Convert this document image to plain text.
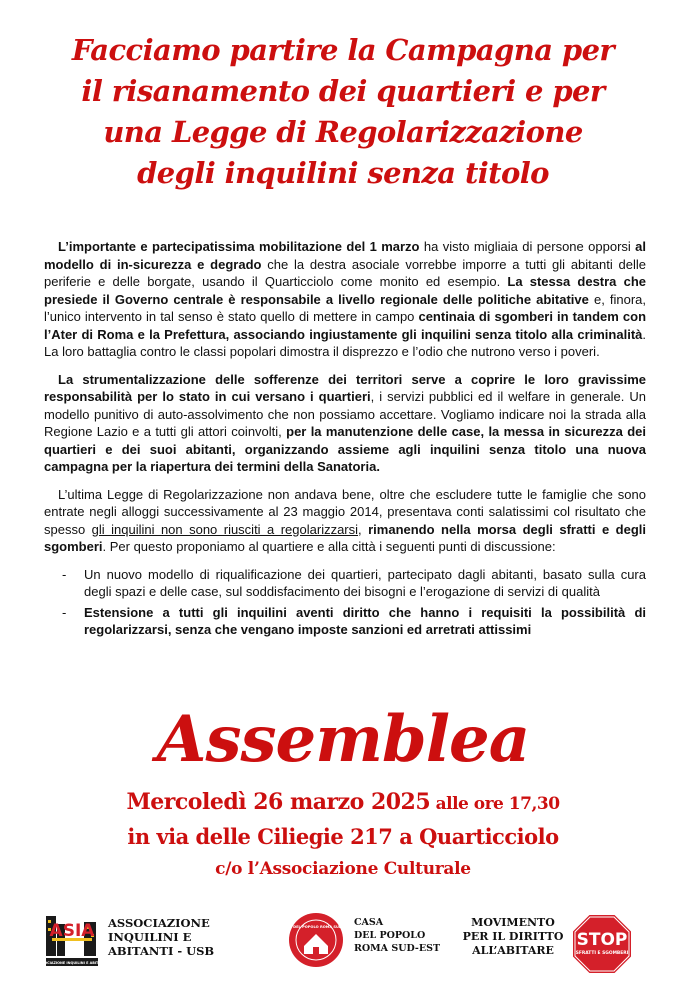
Facciamo partire la Campagna per
il risanamento dei quartieri e per
una Legge di Regolarizzazione
degli inquilini senza titolo

L’importante e partecipatissima mobilitazione del 1 marzo ha visto migliaia di persone opporsi al modello di in-sicurezza e degrado che la destra asociale vorrebbe imporre a tutti gli abitanti delle periferie e delle borgate, usando il Quarticciolo come monito ed esempio. La stessa destra che presiede il Governo centrale è responsabile a livello regionale delle politiche abitative e, finora, l’unico intervento in tal senso è stato quello di mettere in campo centinaia di sgomberi in tandem con l’Ater di Roma e la Prefettura, associando ingiustamente gli inquilini senza titolo alla criminalità. La loro battaglia contro le classi popolari dimostra il disprezzo e l’odio che nutrono verso i poveri.

La strumentalizzazione delle sofferenze dei territori serve a coprire le loro gravissime responsabilità per lo stato in cui versano i quartieri, i servizi pubblici ed il welfare in generale. Un modello punitivo di auto-assolvimento che non possiamo accettare. Vogliamo indicare noi la strada alla Regione Lazio e a tutti gli attori coinvolti, per la manutenzione delle case, la messa in sicurezza dei quartieri e dei suoi abitanti, organizzando assieme agli inquilini senza titolo una nuova campagna per la riapertura dei termini della Sanatoria.

L’ultima Legge di Regolarizzazione non andava bene, oltre che escludere tutte le famiglie che sono entrate negli alloggi successivamente al 23 maggio 2014, presentava conti salatissimi col risultato che spesso gli inquilini non sono riusciti a regolarizzarsi, rimanendo nella morsa degli sfratti e degli sgomberi. Per questo proponiamo al quartiere e alla città i seguenti punti di discussione:

- Un nuovo modello di riqualificazione dei quartieri, partecipato dagli abitanti, basato sulla cura degli spazi e delle case, sul soddisfacimento dei bisogni e l’erogazione di servizi di qualità
- Estensione a tutti gli inquilini aventi diritto che hanno i requisiti la possibilità di regolarizzarsi, senza che vengano imposte sanzioni ed arretrati attissimi
Assemblea
Mercoledì 26 marzo 2025 alle ore 17,30
in via delle Ciliegie 217 a Quarticciolo
c/o l’Associazione Culturale
ASIA
ASSOCIAZIONE INQUILINI E ABITANTI
ASSOCIAZIONE
INQUILINI E
ABITANTI - USB
CASA DEL POPOLO ROMA SUD-EST CASA
DEL POPOLO
ROMA SUD-EST
MOVIMENTO
PER IL DIRITTO
ALL’ABITARE
STOP
SFRATTI E SGOMBERI
